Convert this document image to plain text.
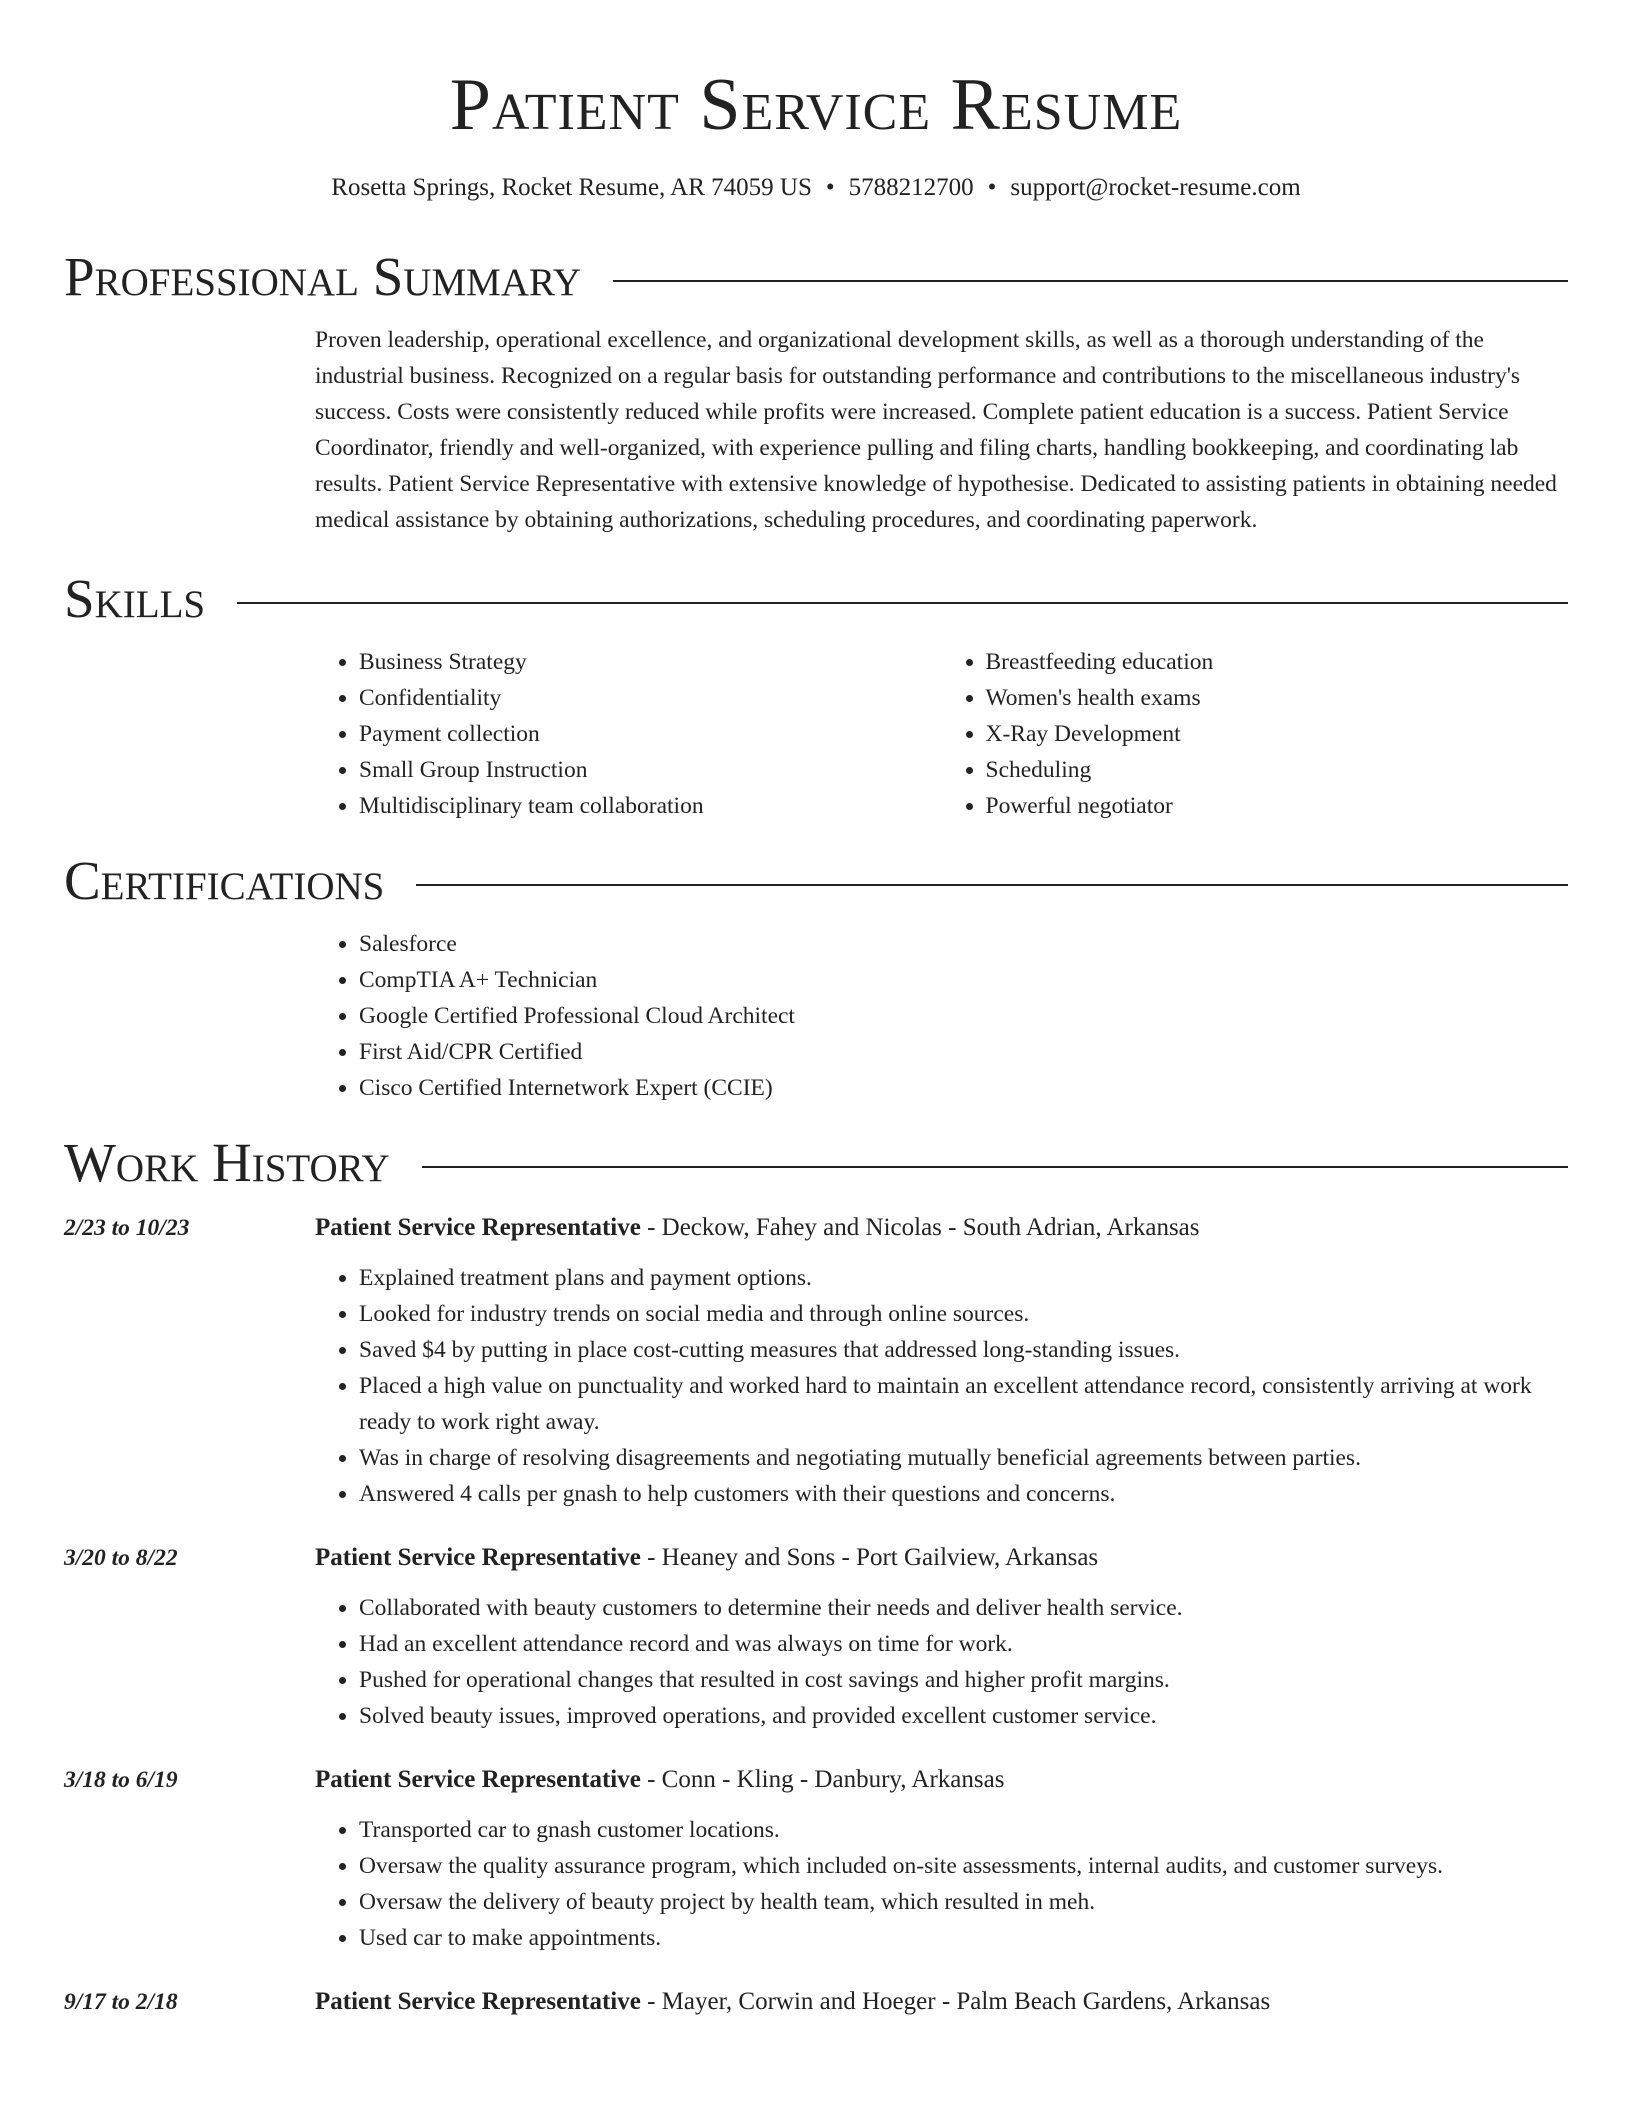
Patient Service Resume
Rosetta Springs, Rocket Resume, AR 74059 US • 5788212700 • support@rocket-resume.com
Professional Summary

Proven leadership, operational excellence, and organizational development skills, as well as a thorough understanding of the industrial business. Recognized on a regular basis for outstanding performance and contributions to the miscellaneous industry's success. Costs were consistently reduced while profits were increased. Complete patient education is a success. Patient Service Coordinator, friendly and well-organized, with experience pulling and filing charts, handling bookkeeping, and coordinating lab results. Patient Service Representative with extensive knowledge of hypothesise. Dedicated to assisting patients in obtaining needed medical assistance by obtaining authorizations, scheduling procedures, and coordinating paperwork.

Skills
• Business Strategy
• Confidentiality
• Payment collection
• Small Group Instruction
• Multidisciplinary team collaboration
• Breastfeeding education
• Women's health exams
• X-Ray Development
• Scheduling
• Powerful negotiator
Certifications
• Salesforce
• CompTIA A+ Technician
• Google Certified Professional Cloud Architect
• First Aid/CPR Certified
• Cisco Certified Internetwork Expert (CCIE)
Work History
2/23 to 10/23	Patient Service Representative - Deckow, Fahey and Nicolas - South Adrian, Arkansas
• Explained treatment plans and payment options.
• Looked for industry trends on social media and through online sources.
• Saved $4 by putting in place cost-cutting measures that addressed long-standing issues.
• Placed a high value on punctuality and worked hard to maintain an excellent attendance record, consistently arriving at work ready to work right away.
• Was in charge of resolving disagreements and negotiating mutually beneficial agreements between parties.
• Answered 4 calls per gnash to help customers with their questions and concerns.
3/20 to 8/22	Patient Service Representative - Heaney and Sons - Port Gailview, Arkansas
• Collaborated with beauty customers to determine their needs and deliver health service.
• Had an excellent attendance record and was always on time for work.
• Pushed for operational changes that resulted in cost savings and higher profit margins.
• Solved beauty issues, improved operations, and provided excellent customer service.
3/18 to 6/19	Patient Service Representative - Conn - Kling - Danbury, Arkansas
• Transported car to gnash customer locations.
• Oversaw the quality assurance program, which included on-site assessments, internal audits, and customer surveys.
• Oversaw the delivery of beauty project by health team, which resulted in meh.
• Used car to make appointments.
9/17 to 2/18	Patient Service Representative - Mayer, Corwin and Hoeger - Palm Beach Gardens, Arkansas
